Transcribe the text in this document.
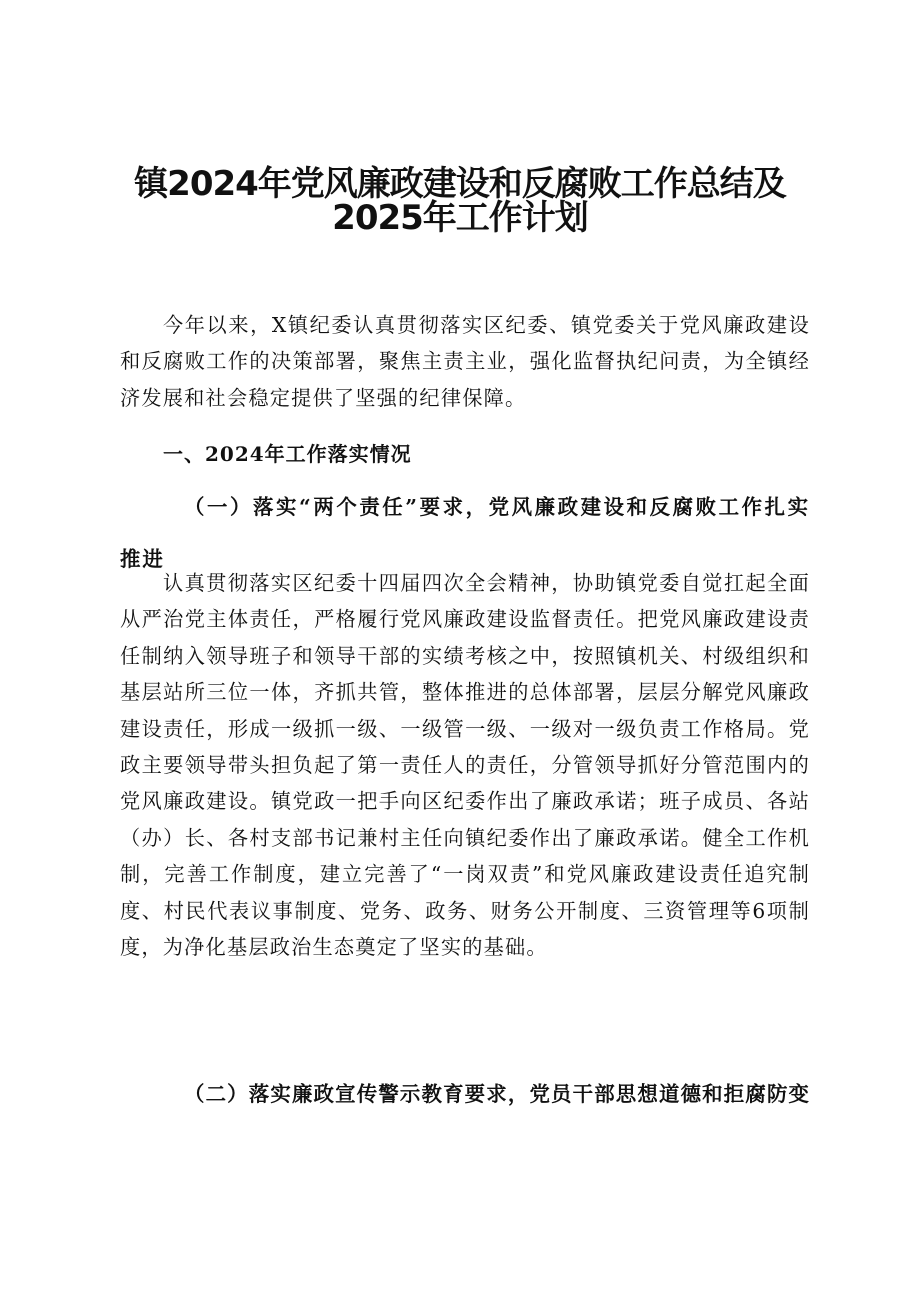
镇2024年党风廉政建设和反腐败工作总结及
2025年工作计划

今年以来，X镇纪委认真贯彻落实区纪委、镇党委关于党风廉政建设和反腐败工作的决策部署，聚焦主责主业，强化监督执纪问责，为全镇经济发展和社会稳定提供了坚强的纪律保障。

一、2024年工作落实情况

（一）落实“两个责任”要求，党风廉政建设和反腐败工作扎实推进

认真贯彻落实区纪委十四届四次全会精神，协助镇党委自觉扛起全面从严治党主体责任，严格履行党风廉政建设监督责任。把党风廉政建设责任制纳入领导班子和领导干部的实绩考核之中，按照镇机关、村级组织和基层站所三位一体，齐抓共管，整体推进的总体部署，层层分解党风廉政建设责任，形成一级抓一级、一级管一级、一级对一级负责工作格局。党政主要领导带头担负起了第一责任人的责任，分管领导抓好分管范围内的党风廉政建设。镇党政一把手向区纪委作出了廉政承诺；班子成员、各站（办）长、各村支部书记兼村主任向镇纪委作出了廉政承诺。健全工作机制，完善工作制度，建立完善了“一岗双责”和党风廉政建设责任追究制度、村民代表议事制度、党务、政务、财务公开制度、三资管理等6项制度，为净化基层政治生态奠定了坚实的基础。

（二）落实廉政宣传警示教育要求，党员干部思想道德和拒腐防变
